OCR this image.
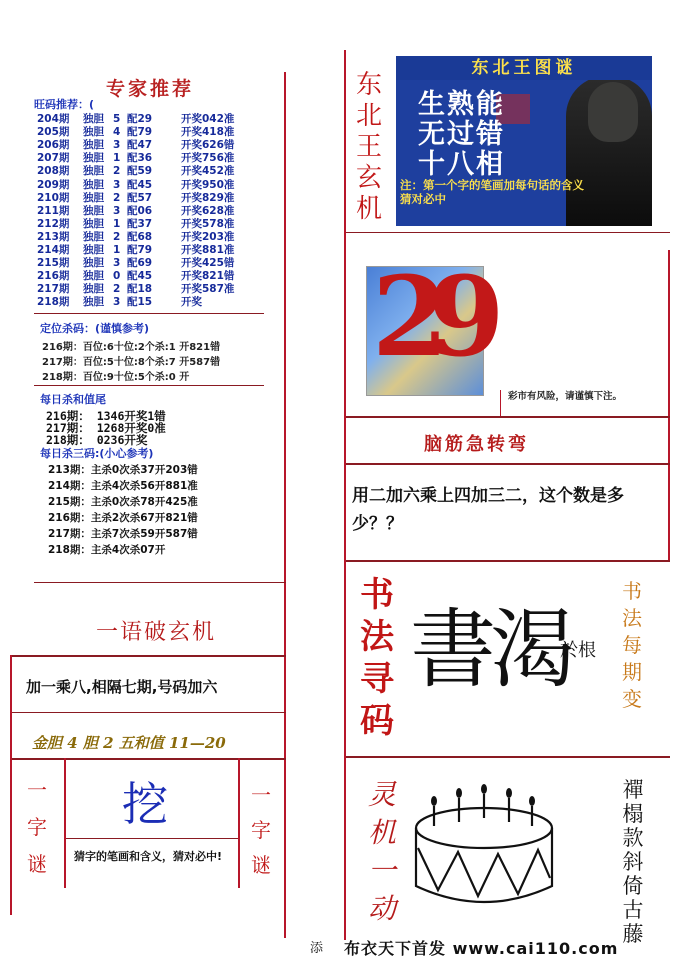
专家推荐
旺码推荐：(
204期 独胆 5 配29	开奖042准
205期 独胆 4 配79	开奖418准
206期 独胆 3 配47	开奖626错
207期 独胆 1 配36	开奖756准
208期 独胆 2 配59	开奖452准
209期 独胆 3 配45	开奖950准
210期 独胆 2 配57	开奖829准
211期 独胆 3 配06	开奖628准
212期 独胆 1 配37	开奖578准
213期 独胆 2 配68	开奖203准
214期 独胆 1 配79	开奖881准
215期 独胆 3 配69	开奖425错
216期 独胆 0 配45	开奖821错
217期 独胆 2 配18	开奖587准
218期 独胆 3 配15	开奖
定位杀码：(谨慎参考)
216期：百位:6十位:2个杀:1 开821错
217期：百位:5十位:8个杀:7 开587错
218期：百位:9十位:5个杀:0 开
每日杀和值尾
216期： 1346开奖1错
217期： 1268开奖0准
218期： 0236开奖
每日杀三码:(小心参考)
213期：主杀0次杀37开203错
214期：主杀4次杀56开881准
215期：主杀0次杀78开425准
216期：主杀2次杀67开821错
217期：主杀7次杀59开587错
218期：主杀4次杀07开
一语破玄机
加一乘八,相隔七期,号码加六
金胆 4 胆 2 五和值 11—20
一
字
谜
一
字
谜
挖
猜字的笔画和含义，猜对必中!
东
北
王
玄
机
东北王图谜
生熟能
无过错
十八相
注：第一个字的笔画加每句话的含义猜对必中
2
9
彩市有风险，请谨慎下注。
脑筋急转弯
用二加六乘上四加三二，这个数是多少？？
书
法
寻
码
書渴
於根
书
法
每
期
变
灵
机
一
动
禪
榻
款
斜
倚
古
藤
添 布衣天下首发 www.cai110.com
